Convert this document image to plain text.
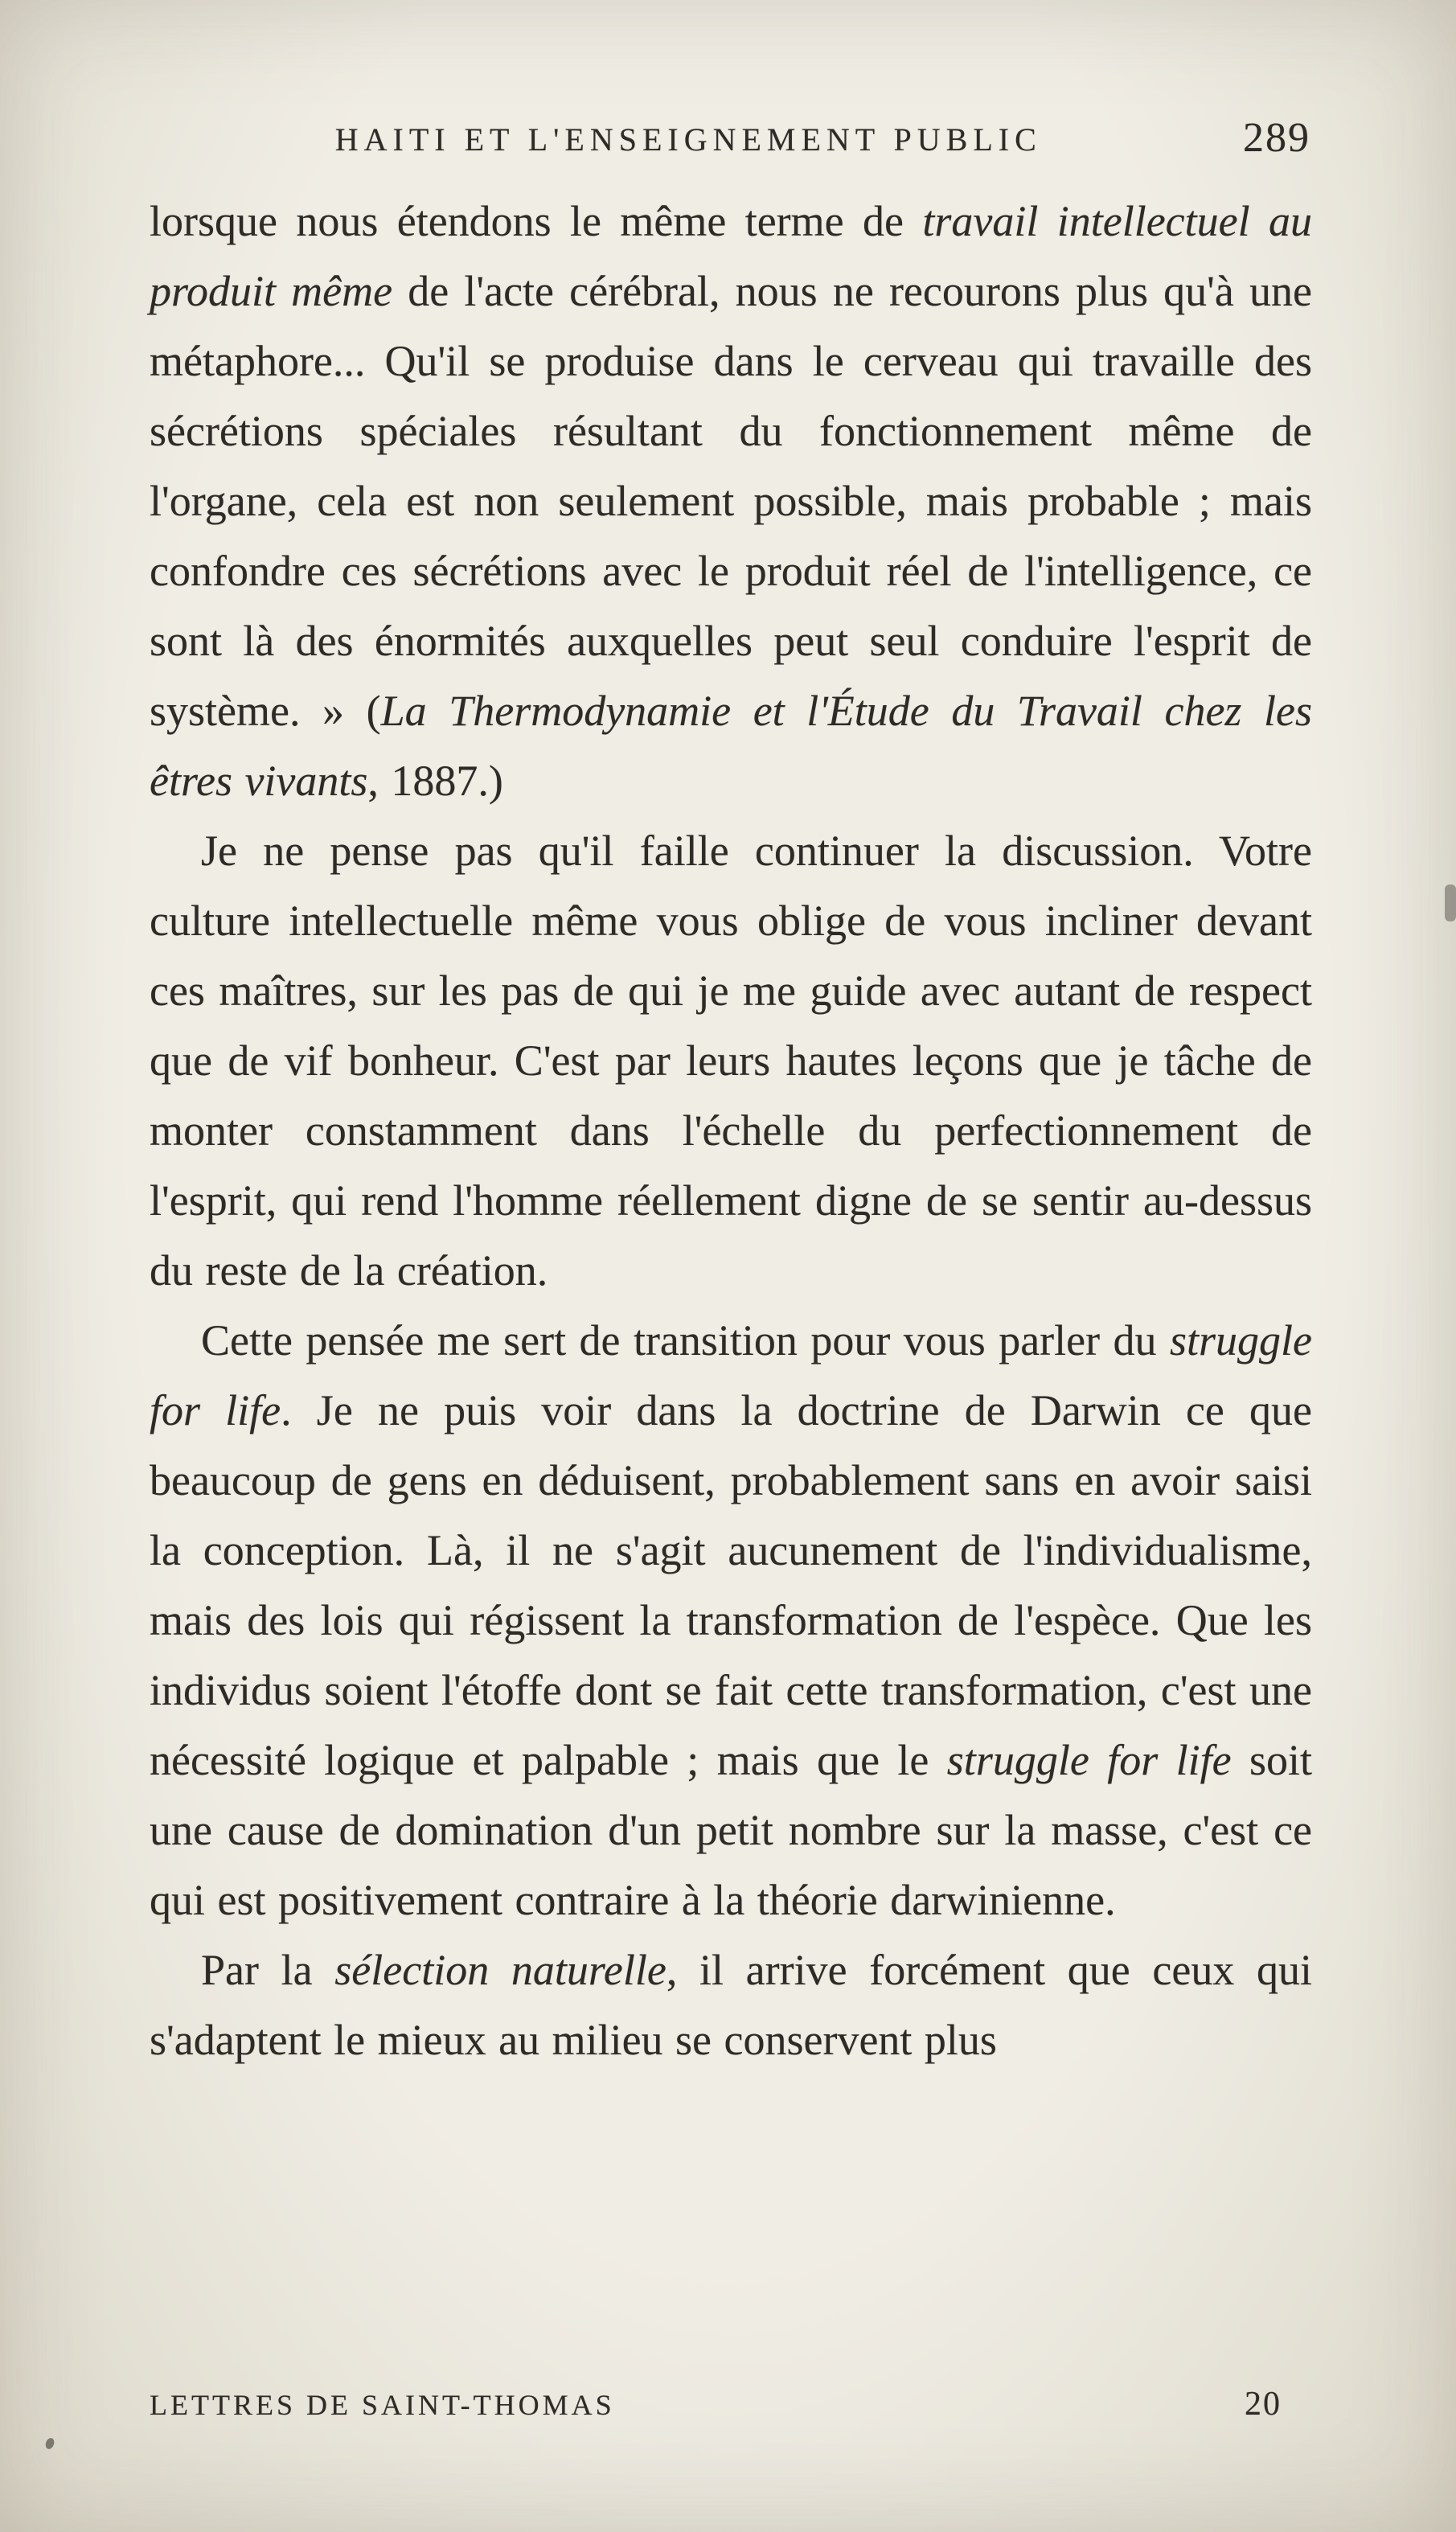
HAITI ET L'ENSEIGNEMENT PUBLIC	289

lorsque nous étendons le même terme de travail intellectuel au produit même de l'acte cérébral, nous ne recourons plus qu'à une métaphore... Qu'il se produise dans le cerveau qui travaille des sécrétions spéciales résultant du fonctionnement même de l'organe, cela est non seulement possible, mais probable ; mais confondre ces sécrétions avec le produit réel de l'intelligence, ce sont là des énormités auxquelles peut seul conduire l'esprit de système. » (La Thermodynamie et l'Étude du Travail chez les êtres vivants, 1887.)

Je ne pense pas qu'il faille continuer la discussion. Votre culture intellectuelle même vous oblige de vous incliner devant ces maîtres, sur les pas de qui je me guide avec autant de respect que de vif bonheur. C'est par leurs hautes leçons que je tâche de monter constamment dans l'échelle du perfectionnement de l'esprit, qui rend l'homme réellement digne de se sentir au-dessus du reste de la création.

Cette pensée me sert de transition pour vous parler du struggle for life. Je ne puis voir dans la doctrine de Darwin ce que beaucoup de gens en déduisent, probablement sans en avoir saisi la conception. Là, il ne s'agit aucunement de l'individualisme, mais des lois qui régissent la transformation de l'espèce. Que les individus soient l'étoffe dont se fait cette transformation, c'est une nécessité logique et palpable ; mais que le struggle for life soit une cause de domination d'un petit nombre sur la masse, c'est ce qui est positivement contraire à la théorie darwinienne.

Par la sélection naturelle, il arrive forcément que ceux qui s'adaptent le mieux au milieu se conservent plus

LETTRES DE SAINT-THOMAS	20
